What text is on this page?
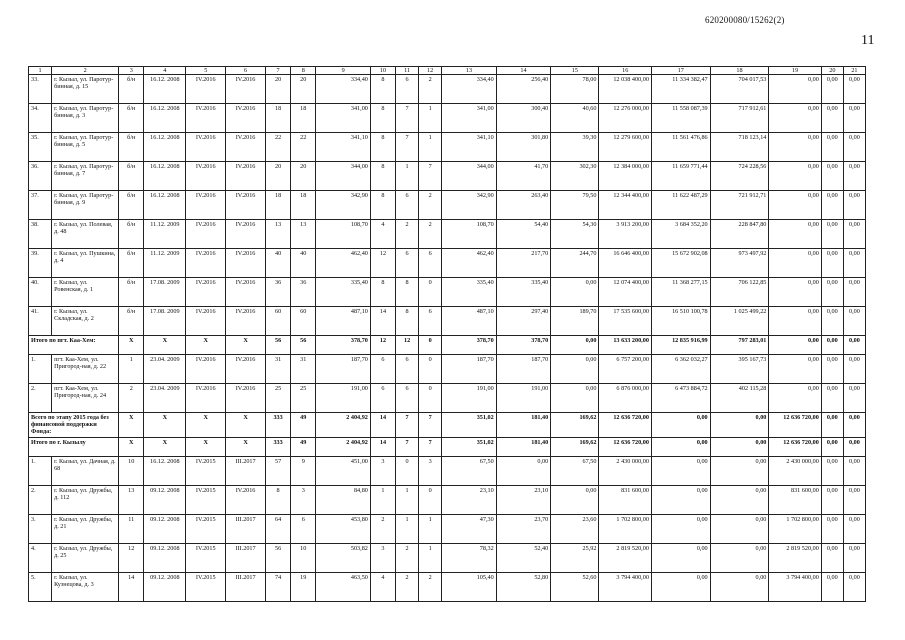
620200080/15262(2)
11
1	2	3	4	5	6	7	8	9	10	11	12	13	14	15	16	17	18	19	20	21
33.	г. Кызыл, ул. Паротур-бинная, д. 15	б/н	16.12. 2008	IV.2016	IV.2016	20	20	334,40	8	6	2	334,40	256,40	78,00	12 038 400,00	11 334 382,47	704 017,53	0,00	0,00	0,00
34.	г. Кызыл, ул. Паротур-бинная, д. 3	б/н	16.12. 2008	IV.2016	IV.2016	18	18	341,00	8	7	1	341,00	300,40	40,60	12 276 000,00	11 558 087,39	717 912,61	0,00	0,00	0,00
35.	г. Кызыл, ул. Паротур-бинная, д. 5	б/н	16.12. 2008	IV.2016	IV.2016	22	22	341,10	8	7	1	341,10	301,80	39,30	12 279 600,00	11 561 476,86	718 123,14	0,00	0,00	0,00
36.	г. Кызыл, ул. Паротур-бинная, д. 7	б/н	16.12. 2008	IV.2016	IV.2016	20	20	344,00	8	1	7	344,00	41,70	302,30	12 384 000,00	11 659 771,44	724 228,56	0,00	0,00	0,00
37.	г. Кызыл, ул. Паротур-бинная, д. 9	б/н	16.12. 2008	IV.2016	IV.2016	18	18	342,90	8	6	2	342,90	263,40	79,50	12 344 400,00	11 622 487,29	721 912,71	0,00	0,00	0,00
38.	г. Кызыл, ул. Полевая, д. 48	б/н	11.12. 2009	IV.2016	IV.2016	13	13	108,70	4	2	2	108,70	54,40	54,30	3 913 200,00	3 684 352,20	228 847,80	0,00	0,00	0,00
39.	г. Кызыл, ул. Пушкина, д. 4	б/н	11.12. 2009	IV.2016	IV.2016	40	40	462,40	12	6	6	462,40	217,70	244,70	16 646 400,00	15 672 902,08	973 497,92	0,00	0,00	0,00
40.	г. Кызыл, ул. Ровенская, д. 1	б/н	17.08. 2009	IV.2016	IV.2016	36	36	335,40	8	8	0	335,40	335,40	0,00	12 074 400,00	11 368 277,15	706 122,85	0,00	0,00	0,00
41.	г. Кызыл, ул. Складская, д. 2	б/н	17.08. 2009	IV.2016	IV.2016	60	60	487,10	14	8	6	487,10	297,40	189,70	17 535 600,00	16 510 100,78	1 025 499,22	0,00	0,00	0,00
Итого по пгт. Каа-Хем:		X	X	X	X	56	56	378,70	12	12	0	378,70	378,70	0,00	13 633 200,00	12 835 916,99	797 283,01	0,00	0,00	0,00
1.	пгт. Каа-Хем, ул. Пригород-ная, д. 22	1	23.04. 2009	IV.2016	IV.2016	31	31	187,70	6	6	0	187,70	187,70	0,00	6 757 200,00	6 362 032,27	395 167,73	0,00	0,00	0,00
2.	пгт. Каа-Хем, ул. Пригород-ная, д. 24	2	23.04. 2009	IV.2016	IV.2016	25	25	191,00	6	6	0	191,00	191,00	0,00	6 876 000,00	6 473 884,72	402 115,28	0,00	0,00	0,00
Всего по этапу 2015 года без финансовой поддержки Фонда:		X	X	X	X	333	49	2 404,92	14	7	7	351,02	181,40	169,62	12 636 720,00	0,00	0,00	12 636 720,00	0,00	0,00
Итого по г. Кызылу		X	X	X	X	333	49	2 404,92	14	7	7	351,02	181,40	169,62	12 636 720,00	0,00	0,00	12 636 720,00	0,00	0,00
1.	г. Кызыл, ул. Дачная, д. 68	10	16.12. 2008	IV.2015	III.2017	57	9	451,00	3	0	3	67,50	0,00	67,50	2 430 000,00	0,00	0,00	2 430 000,00	0,00	0,00
2.	г. Кызыл, ул. Дружбы, д. 112	13	09.12. 2008	IV.2015	IV.2016	8	3	84,80	1	1	0	23,10	23,10	0,00	831 600,00	0,00	0,00	831 600,00	0,00	0,00
3.	г. Кызыл, ул. Дружбы, д. 21	11	09.12. 2008	IV.2015	III.2017	64	6	453,80	2	1	1	47,30	23,70	23,60	1 702 800,00	0,00	0,00	1 702 800,00	0,00	0,00
4.	г. Кызыл, ул. Дружбы, д. 25	12	09.12. 2008	IV.2015	III.2017	56	10	503,82	3	2	1	78,32	52,40	25,92	2 819 520,00	0,00	0,00	2 819 520,00	0,00	0,00
5.	г. Кызыл, ул. Кузнецова, д. 3	14	09.12. 2008	IV.2015	III.2017	74	19	463,50	4	2	2	105,40	52,80	52,60	3 794 400,00	0,00	0,00	3 794 400,00	0,00	0,00
